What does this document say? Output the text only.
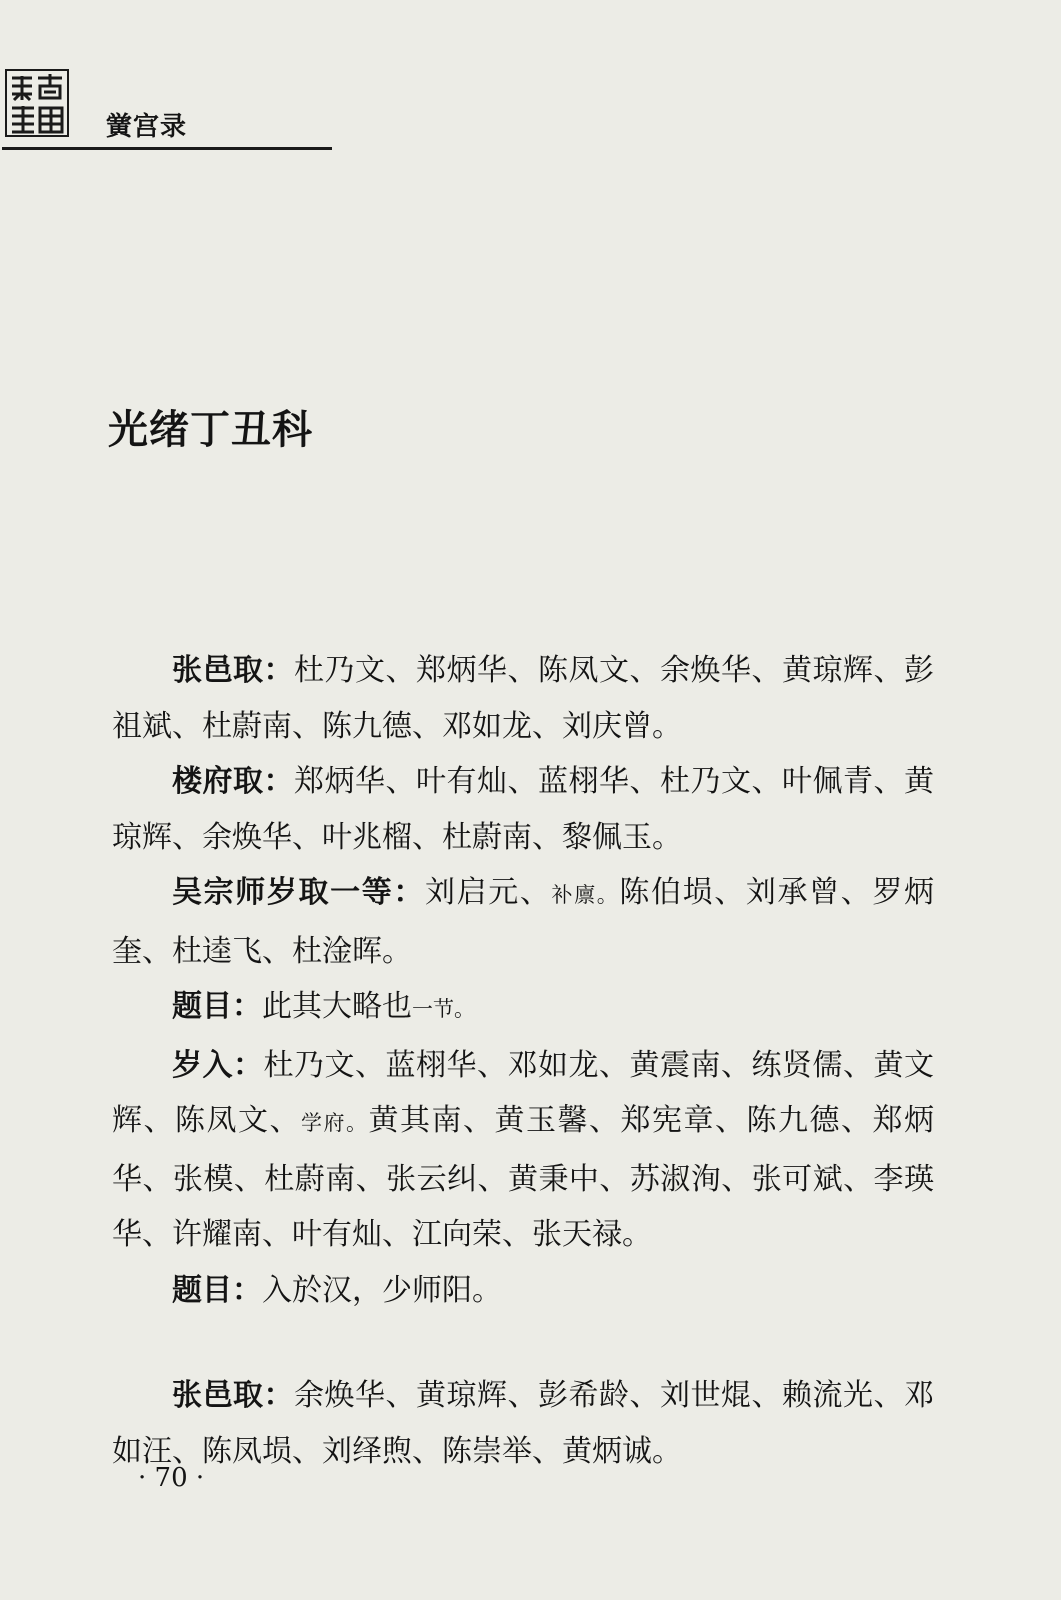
黉宫录
光绪丁丑科

张邑取：杜乃文、郑炳华、陈凤文、余焕华、黄琼辉、彭祖斌、杜蔚南、陈九德、邓如龙、刘庆曾。

楼府取：郑炳华、叶有灿、蓝栩华、杜乃文、叶佩青、黄琼辉、余焕华、叶兆榴、杜蔚南、黎佩玉。

吴宗师岁取一等：刘启元、补廪。陈伯埙、刘承曾、罗炳奎、杜逵飞、杜淦晖。

题目：此其大略也一节。

岁入：杜乃文、蓝栩华、邓如龙、黄震南、练贤儒、黄文辉、陈凤文、学府。黄其南、黄玉馨、郑宪章、陈九德、郑炳华、张模、杜蔚南、张云纠、黄秉中、苏淑洵、张可斌、李瑛华、许耀南、叶有灿、江向荣、张天禄。

题目：入於汉，少师阳。

张邑取：余焕华、黄琼辉、彭希龄、刘世焜、赖流光、邓如汪、陈凤埙、刘绎煦、陈崇举、黄炳诚。

· 70 ·
